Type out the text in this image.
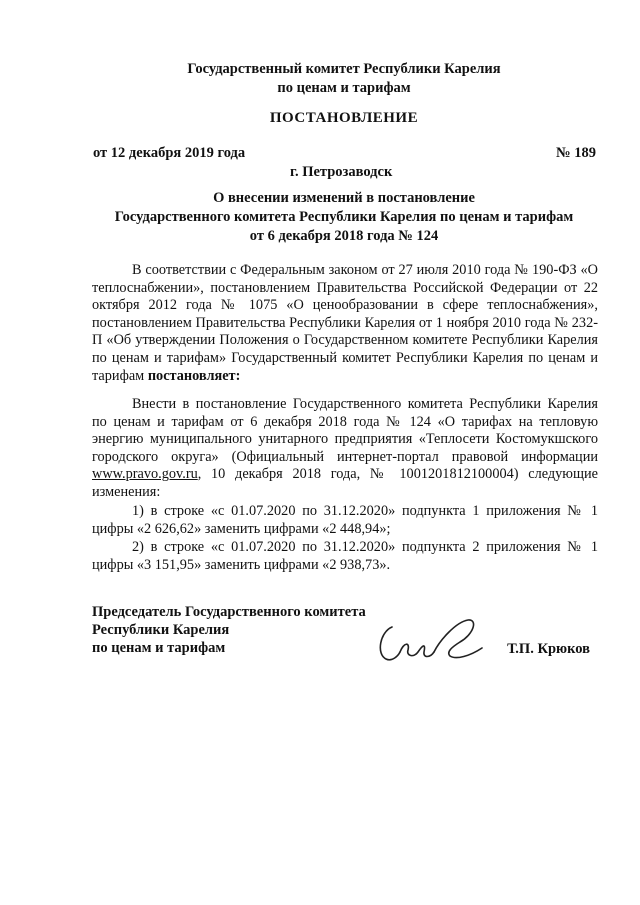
Государственный комитет Республики Карелия
по ценам и тарифам
ПОСТАНОВЛЕНИЕ
от 12 декабря 2019 года	№ 189
г. Петрозаводск
О внесении изменений в постановление
Государственного комитета Республики Карелия по ценам и тарифам
от 6 декабря 2018 года № 124

В соответствии с Федеральным законом от 27 июля 2010 года № 190-ФЗ «О теплоснабжении», постановлением Правительства Российской Федерации от 22 октября 2012 года № 1075 «О ценообразовании в сфере теплоснабжения», постановлением Правительства Республики Карелия от 1 ноября 2010 года № 232-П «Об утверждении Положения о Государственном комитете Республики Карелия по ценам и тарифам» Государственный комитет Республики Карелия по ценам и тарифам постановляет:

Внести в постановление Государственного комитета Республики Карелия по ценам и тарифам от 6 декабря 2018 года № 124 «О тарифах на тепловую энергию муниципального унитарного предприятия «Теплосети Костомукшского городского округа» (Официальный интернет-портал правовой информации www.pravo.gov.ru, 10 декабря 2018 года, № 1001201812100004) следующие изменения:

1) в строке «с 01.07.2020 по 31.12.2020» подпункта 1 приложения № 1 цифры «2 626,62» заменить цифрами «2 448,94»;
2) в строке «с 01.07.2020 по 31.12.2020» подпункта 2 приложения № 1 цифры «3 151,95» заменить цифрами «2 938,73».
Председатель Государственного комитета
Республики Карелия
по ценам и тарифам	Т.П. Крюков
